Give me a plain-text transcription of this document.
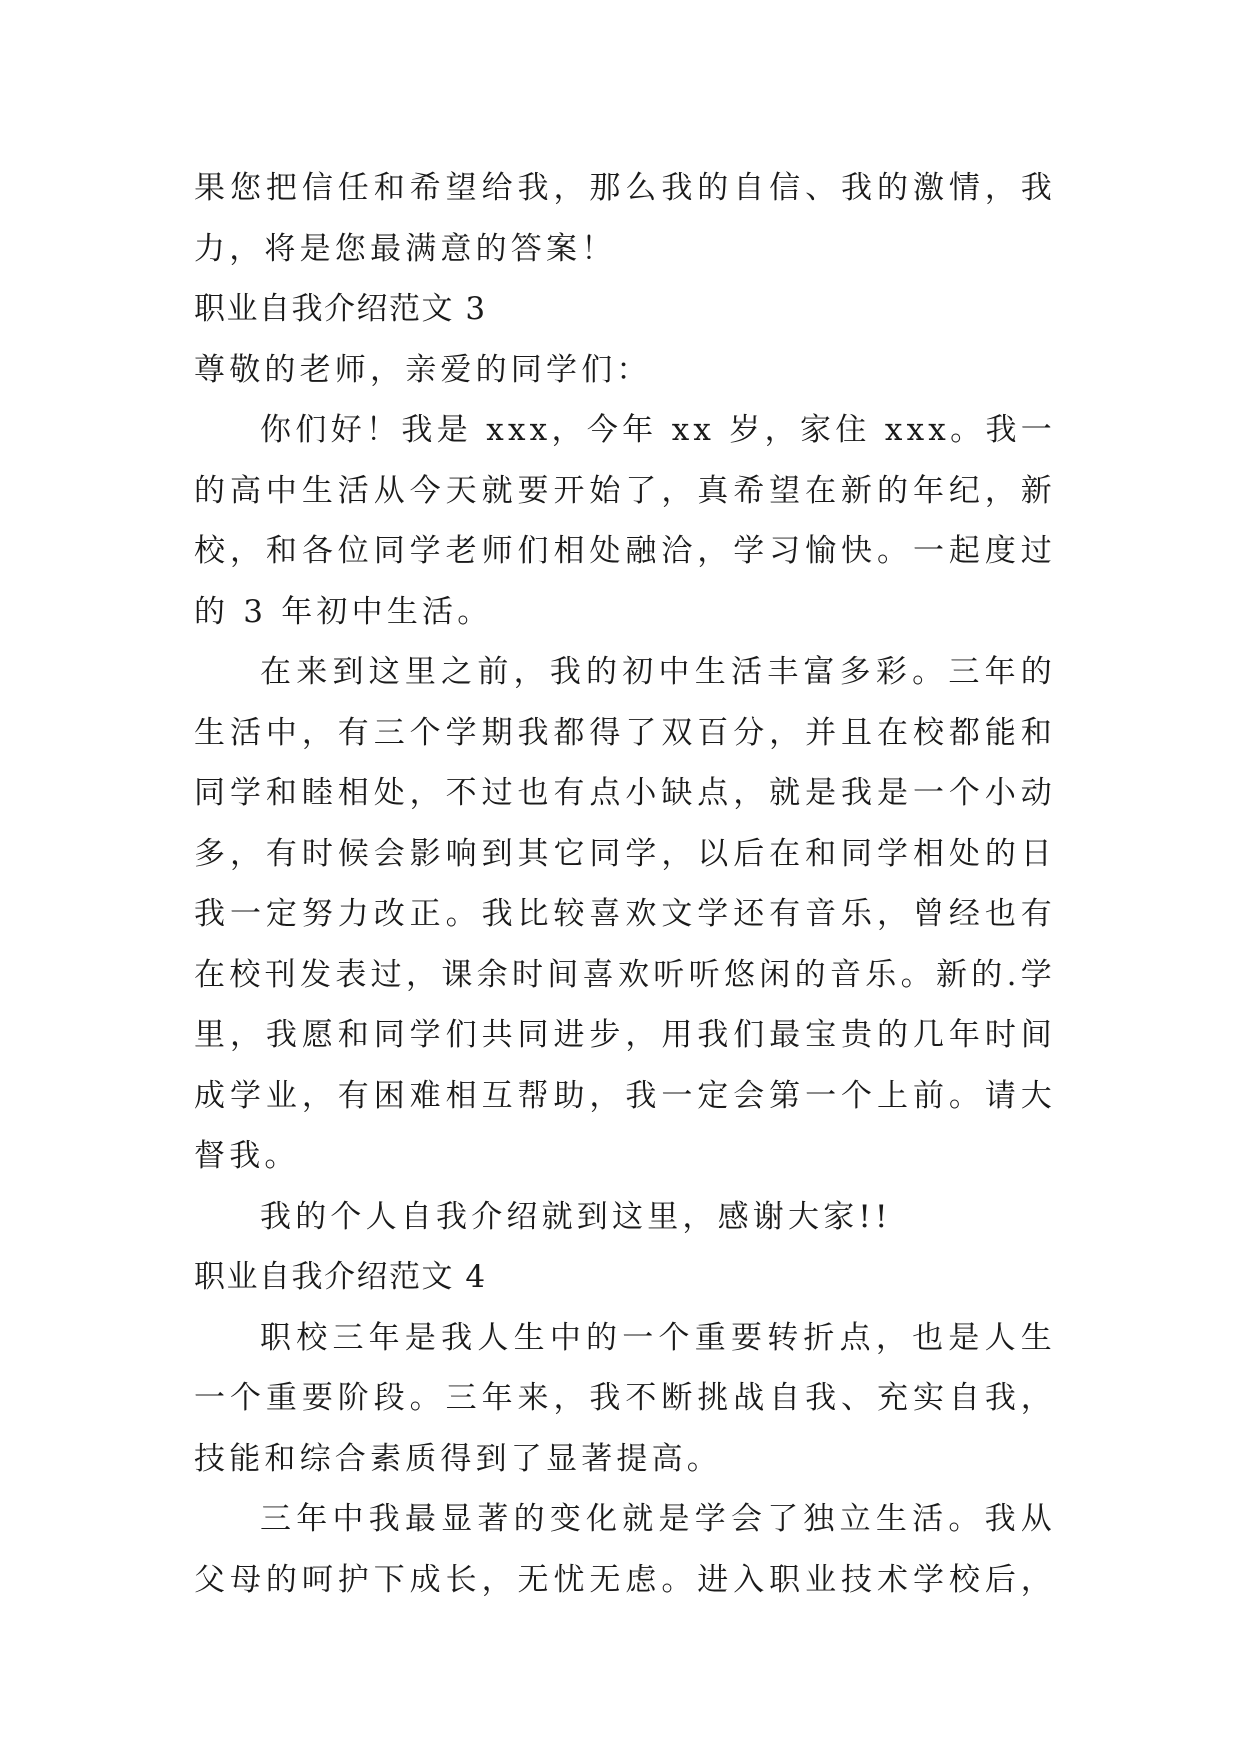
果您把信任和希望给我，那么我的自信、我的激情，我
力，将是您最满意的答案！
职业自我介绍范文 3
尊敬的老师，亲爱的同学们：
你们好！我是 xxx，今年 xx 岁，家住 xxx。我一
的高中生活从今天就要开始了，真希望在新的年纪，新
校，和各位同学老师们相处融洽，学习愉快。一起度过
的 3 年初中生活。
在来到这里之前，我的初中生活丰富多彩。三年的
生活中，有三个学期我都得了双百分，并且在校都能和
同学和睦相处，不过也有点小缺点，就是我是一个小动
多，有时候会影响到其它同学，以后在和同学相处的日
我一定努力改正。我比较喜欢文学还有音乐，曾经也有
在校刊发表过，课余时间喜欢听听悠闲的音乐。新的.学
里，我愿和同学们共同进步，用我们最宝贵的几年时间
成学业，有困难相互帮助，我一定会第一个上前。请大
督我。
我的个人自我介绍就到这里，感谢大家!!
职业自我介绍范文 4
职校三年是我人生中的一个重要转折点，也是人生
一个重要阶段。三年来，我不断挑战自我、充实自我，
技能和综合素质得到了显著提高。
三年中我最显著的变化就是学会了独立生活。我从
父母的呵护下成长，无忧无虑。进入职业技术学校后，
